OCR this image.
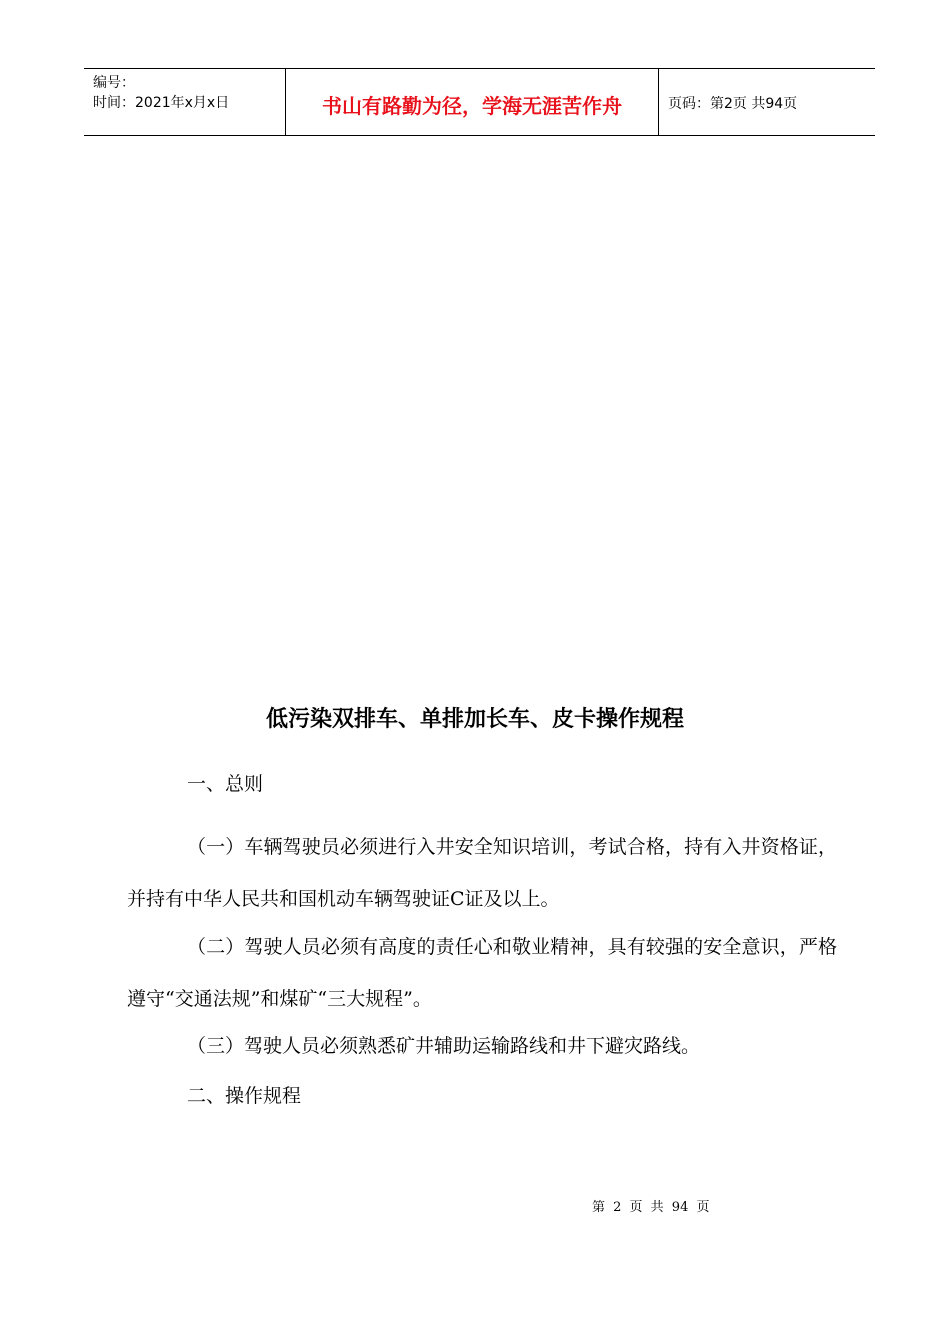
编号：
时间：2021年x月x日	书山有路勤为径，学海无涯苦作舟	页码：第2页 共94页
低污染双排车、单排加长车、皮卡操作规程
一、总则
（一）车辆驾驶员必须进行入井安全知识培训，考试合格，持有入井资格证，并持有中华人民共和国机动车辆驾驶证C证及以上。
（二）驾驶人员必须有高度的责任心和敬业精神，具有较强的安全意识，严格遵守“交通法规”和煤矿“三大规程”。
（三）驾驶人员必须熟悉矿井辅助运输路线和井下避灾路线。
二、操作规程
第 2 页 共 94 页
